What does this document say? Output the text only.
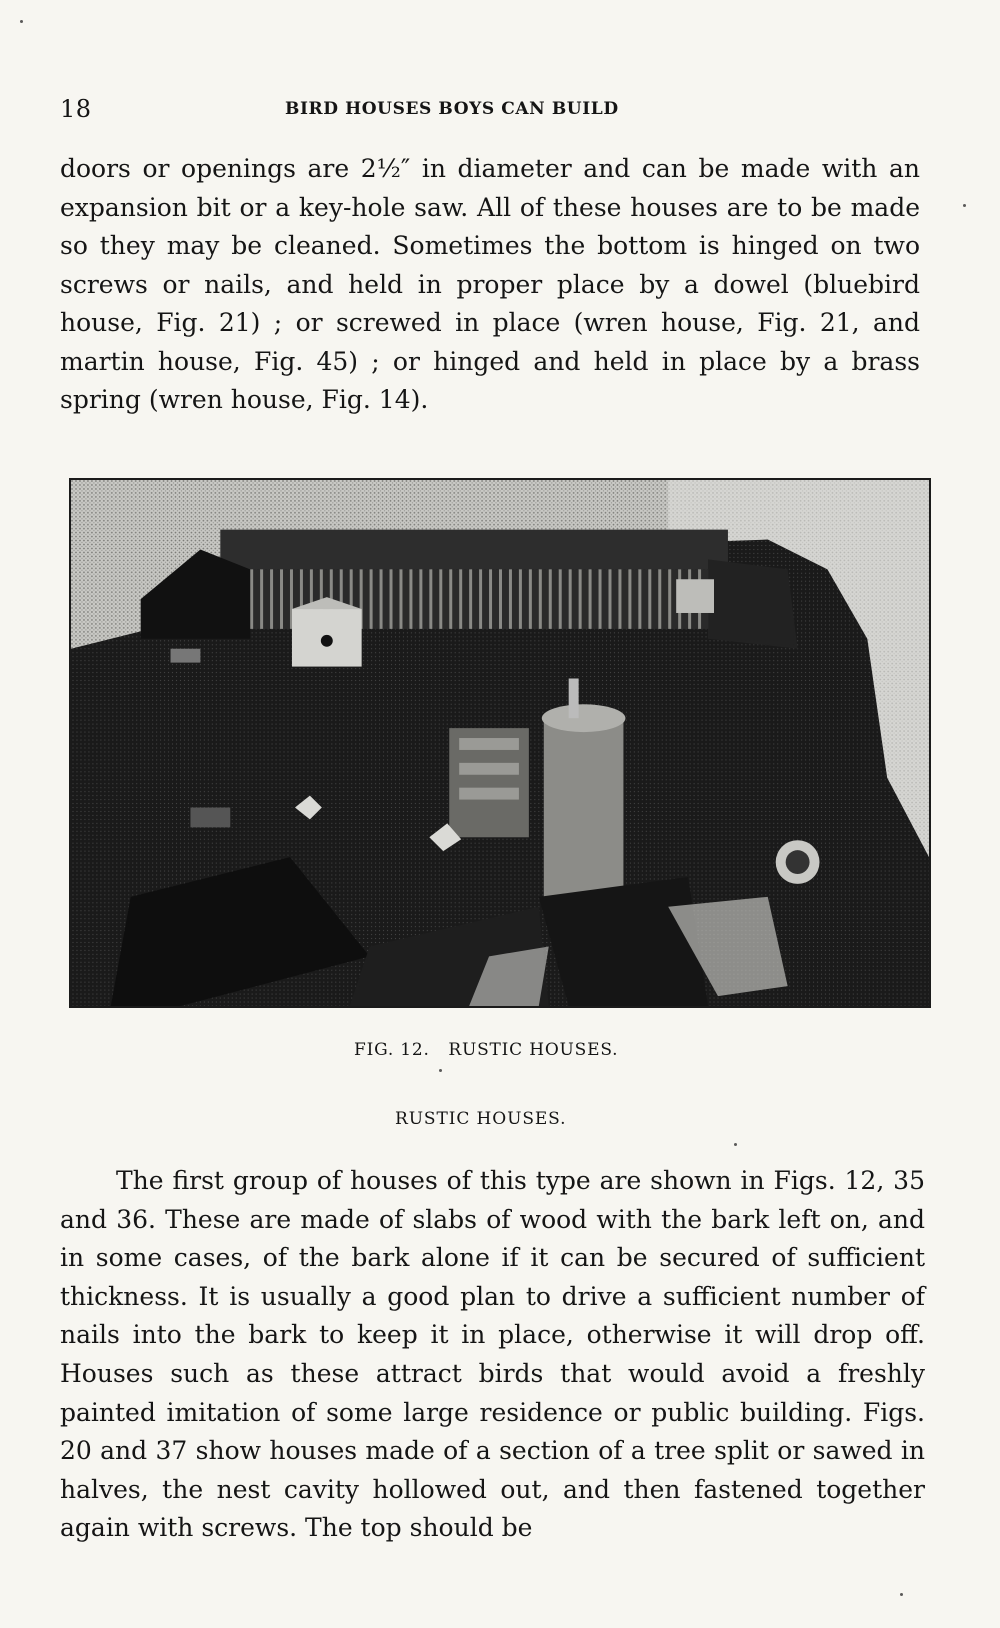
18	BIRD HOUSES BOYS CAN BUILD

doors or openings are 2½″ in diameter and can be made with an expansion bit or a key-hole saw. All of these houses are to be made so they may be cleaned. Sometimes the bottom is hinged on two screws or nails, and held in proper place by a dowel (bluebird house, Fig. 21) ; or screwed in place (wren house, Fig. 21, and martin house, Fig. 45) ; or hinged and held in place by a brass spring (wren house, Fig. 14).

FIG. 12. RUSTIC HOUSES.
RUSTIC HOUSES.

The first group of houses of this type are shown in Figs. 12, 35 and 36. These are made of slabs of wood with the bark left on, and in some cases, of the bark alone if it can be secured of sufficient thickness. It is usually a good plan to drive a sufficient number of nails into the bark to keep it in place, otherwise it will drop off. Houses such as these attract birds that would avoid a freshly painted imitation of some large residence or public building. Figs. 20 and 37 show houses made of a section of a tree split or sawed in halves, the nest cavity hollowed out, and then fastened together again with screws. The top should be
